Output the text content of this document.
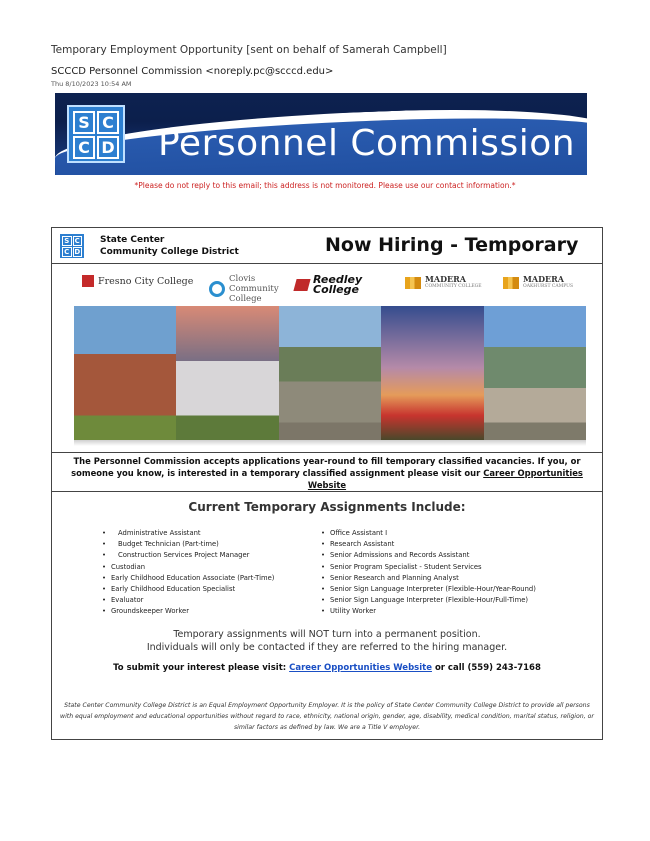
Temporary Employment Opportunity [sent on behalf of Samerah Campbell]
SCCCD Personnel Commission <noreply.pc@scccd.edu>
Thu 8/10/2023 10:54 AM
S C
C D Personnel Commission
*Please do not reply to this email; this address is not monitored. Please use our contact information.*
S C
C D
State Center
Community College District	Now Hiring - Temporary
Fresno City College	Clovis
Community
College
Reedley
College
MADERA
COMMUNITY COLLEGE
MADERA
OAKHURST CAMPUS
The Personnel Commission accepts applications year-round to fill temporary classified vacancies. If you, or someone you know, is interested in a temporary classified assignment please visit our Career Opportunities Website
Current Temporary Assignments Include:
• Administrative Assistant
• Budget Technician (Part-time)
• Construction Services Project Manager
• Custodian
• Early Childhood Education Associate (Part-Time)
• Early Childhood Education Specialist
• Evaluator
• Groundskeeper Worker
• Office Assistant I
• Research Assistant
• Senior Admissions and Records Assistant
• Senior Program Specialist - Student Services
• Senior Research and Planning Analyst
• Senior Sign Language Interpreter (Flexible-Hour/Year-Round)
• Senior Sign Language Interpreter (Flexible-Hour/Full-Time)
• Utility Worker
Temporary assignments will NOT turn into a permanent position.
Individuals will only be contacted if they are referred to the hiring manager.
To submit your interest please visit: Career Opportunities Website or call (559) 243-7168
State Center Community College District is an Equal Employment Opportunity Employer. It is the policy of State Center Community College District to provide all persons with equal employment and educational opportunities without regard to race, ethnicity, national origin, gender, age, disability, medical condition, marital status, religion, or similar factors as defined by law. We are a Title V employer.
